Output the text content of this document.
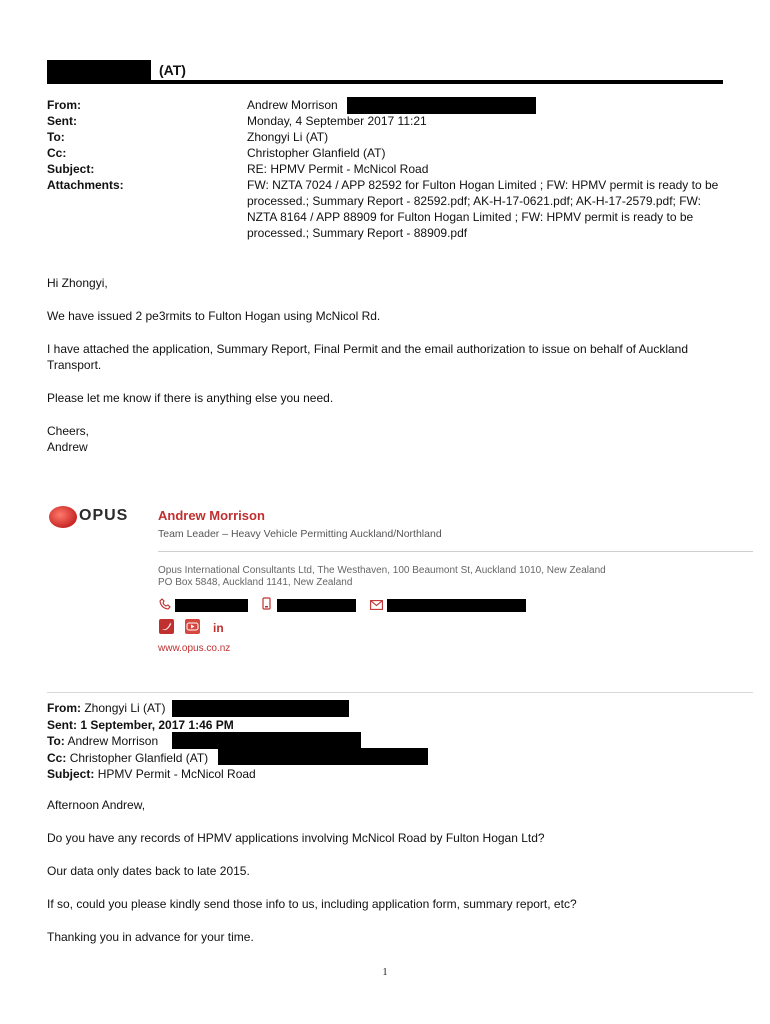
(AT)
From:	Andrew Morrison
Sent:	Monday, 4 September 2017 11:21
To:	Zhongyi Li (AT)
Cc:	Christopher Glanfield (AT)
Subject:	RE: HPMV Permit - McNicol Road
Attachments:	FW: NZTA 7024 / APP 82592 for Fulton Hogan Limited ; FW: HPMV permit is ready to be processed.; Summary Report - 82592.pdf; AK-H-17-0621.pdf; AK-H-17-2579.pdf; FW: NZTA 8164 / APP 88909 for Fulton Hogan Limited ; FW: HPMV permit is ready to be processed.; Summary Report - 88909.pdf
Hi Zhongyi,
We have issued 2 pe3rmits to Fulton Hogan using McNicol Rd.
I have attached the application, Summary Report, Final Permit and the email authorization to issue on behalf of Auckland Transport.
Please let me know if there is anything else you need.
Cheers,
Andrew
OPUS Andrew Morrison
Team Leader – Heavy Vehicle Permitting Auckland/Northland
Opus International Consultants Ltd, The Westhaven, 100 Beaumont St, Auckland 1010, New Zealand
PO Box 5848, Auckland 1141, New Zealand
in
www.opus.co.nz
From: Zhongyi Li (AT)
Sent: 1 September, 2017 1:46 PM
To: Andrew Morrison
Cc: Christopher Glanfield (AT)
Subject: HPMV Permit - McNicol Road
Afternoon Andrew,
Do you have any records of HPMV applications involving McNicol Road by Fulton Hogan Ltd?
Our data only dates back to late 2015.
If so, could you please kindly send those info to us, including application form, summary report, etc?
Thanking you in advance for your time.
1
